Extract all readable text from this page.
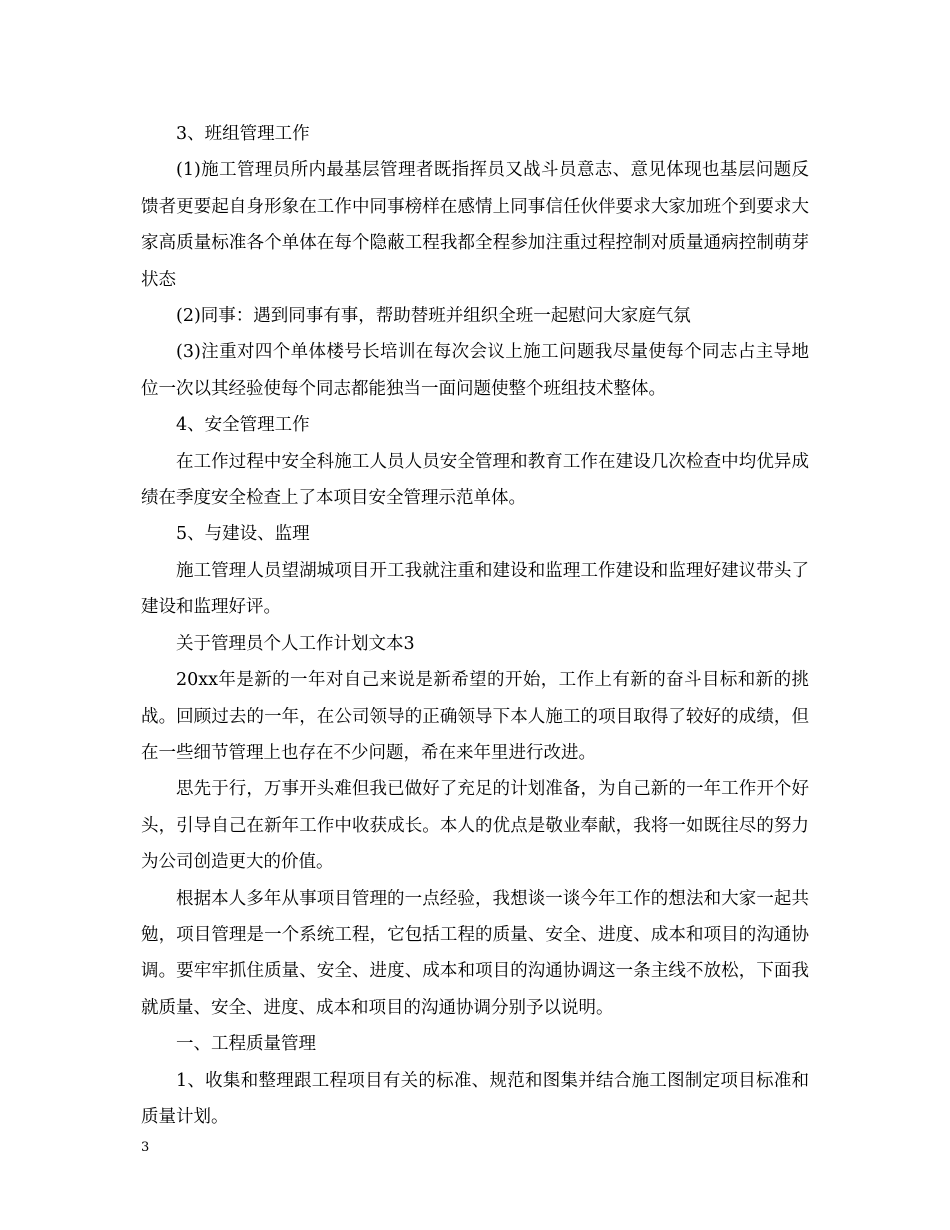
3、班组管理工作

(1)施工管理员所内最基层管理者既指挥员又战斗员意志、意见体现也基层问题反馈者更要起自身形象在工作中同事榜样在感情上同事信任伙伴要求大家加班个到要求大家高质量标准各个单体在每个隐蔽工程我都全程参加注重过程控制对质量通病控制萌芽状态

(2)同事：遇到同事有事，帮助替班并组织全班一起慰问大家庭气氛

(3)注重对四个单体楼号长培训在每次会议上施工问题我尽量使每个同志占主导地位一次以其经验使每个同志都能独当一面问题使整个班组技术整体。

4、安全管理工作

在工作过程中安全科施工人员人员安全管理和教育工作在建设几次检查中均优异成绩在季度安全检查上了本项目安全管理示范单体。

5、与建设、监理

施工管理人员望湖城项目开工我就注重和建设和监理工作建设和监理好建议带头了建设和监理好评。

关于管理员个人工作计划文本3

20xx年是新的一年对自己来说是新希望的开始，工作上有新的奋斗目标和新的挑战。回顾过去的一年，在公司领导的正确领导下本人施工的项目取得了较好的成绩，但在一些细节管理上也存在不少问题，希在来年里进行改进。

思先于行，万事开头难但我已做好了充足的计划准备，为自己新的一年工作开个好头，引导自己在新年工作中收获成长。本人的优点是敬业奉献，我将一如既往尽的努力为公司创造更大的价值。

根据本人多年从事项目管理的一点经验，我想谈一谈今年工作的想法和大家一起共勉，项目管理是一个系统工程，它包括工程的质量、安全、进度、成本和项目的沟通协调。要牢牢抓住质量、安全、进度、成本和项目的沟通协调这一条主线不放松，下面我就质量、安全、进度、成本和项目的沟通协调分别予以说明。

一、工程质量管理

1、收集和整理跟工程项目有关的标准、规范和图集并结合施工图制定项目标准和质量计划。

3
